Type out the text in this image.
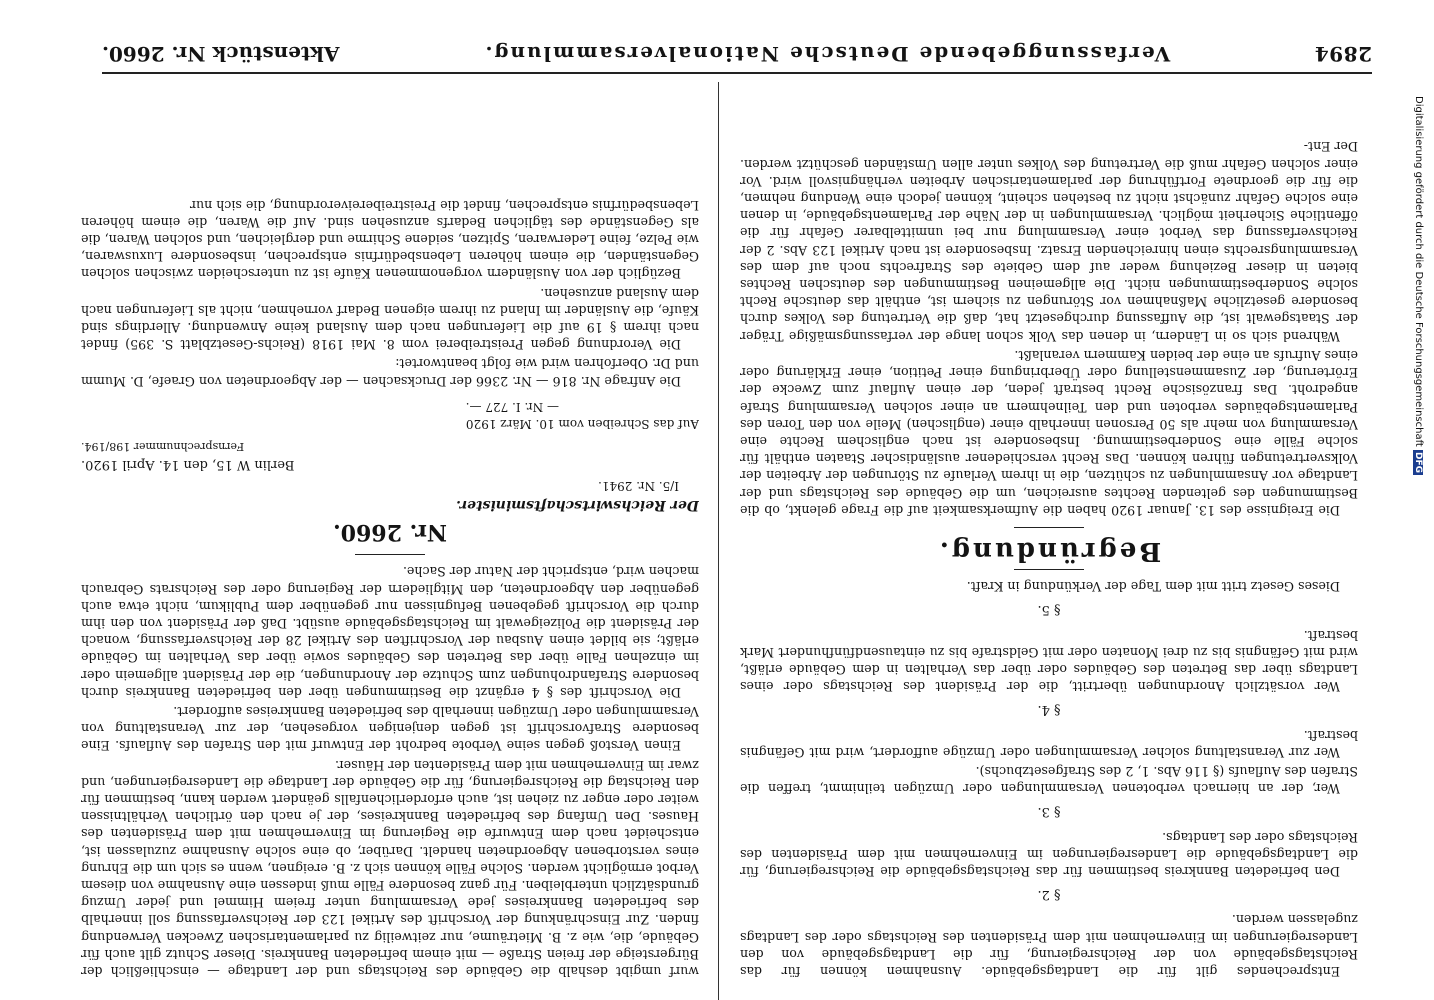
2894
Verfassunggebende Deutsche Nationalversammlung.
Aktenstück Nr. 2660.

Entsprechendes gilt für die Landtagsgebäude. Ausnahmen können für das Reichstagsgebäude von der Reichsregierung, für die Landtagsgebäude von den Landesregierungen im Einvernehmen mit dem Präsidenten des Reichstags oder des Landtags zugelassen werden.

§ 2.

Den befriedeten Bannkreis bestimmen für das Reichstagsgebäude die Reichsregierung, für die Landtagsgebäude die Landesregierungen im Einvernehmen mit dem Präsidenten des Reichstags oder des Landtags.

§ 3.

Wer, der an hiernach verbotenen Versammlungen oder Umzügen teilnimmt, treffen die Strafen des Auflaufs (§ 116 Abs. 1, 2 des Strafgesetzbuchs).

Wer zur Veranstaltung solcher Versammlungen oder Umzüge auffordert, wird mit Gefängnis bestraft.

§ 4.

Wer vorsätzlich Anordnungen übertritt, die der Präsident des Reichstags oder eines Landtags über das Betreten des Gebäudes oder über das Verhalten in dem Gebäude erläßt, wird mit Gefängnis bis zu drei Monaten oder mit Geldstrafe bis zu eintausendfünfhundert Mark bestraft.

§ 5.

Dieses Gesetz tritt mit dem Tage der Verkündung in Kraft.

Begründung.

Die Ereignisse des 13. Januar 1920 haben die Aufmerksamkeit auf die Frage gelenkt, ob die Bestimmungen des geltenden Rechtes ausreichen, um die Gebäude des Reichstags und der Landtage vor Ansammlungen zu schützen, die in ihrem Verlaufe zu Störungen der Arbeiten der Volksvertretungen führen können. Das Recht verschiedener ausländischer Staaten enthält für solche Fälle eine Sonderbestimmung. Insbesondere ist nach englischem Rechte eine Versammlung von mehr als 50 Personen innerhalb einer (englischen) Meile von den Toren des Parlamentsgebäudes verboten und den Teilnehmern an einer solchen Versammlung Strafe angedroht. Das französische Recht bestraft jeden, der einen Auflauf zum Zwecke der Erörterung, der Zusammenstellung oder Überbringung einer Petition, einer Erklärung oder eines Aufrufs an eine der beiden Kammern veranlaßt.

Während sich so in Ländern, in denen das Volk schon lange der verfassungsmäßige Träger der Staatsgewalt ist, die Auffassung durchgesetzt hat, daß die Vertretung des Volkes durch besondere gesetzliche Maßnahmen vor Störungen zu sichern ist, enthält das deutsche Recht solche Sonderbestimmungen nicht. Die allgemeinen Bestimmungen des deutschen Rechtes bieten in dieser Beziehung weder auf dem Gebiete des Strafrechts noch auf dem des Versammlungsrechts einen hinreichenden Ersatz. Insbesondere ist nach Artikel 123 Abs. 2 der Reichsverfassung das Verbot einer Versammlung nur bei unmittelbarer Gefahr für die öffentliche Sicherheit möglich. Versammlungen in der Nähe der Parlamentsgebäude, in denen eine solche Gefahr zunächst nicht zu bestehen scheint, können jedoch eine Wendung nehmen, die für die geordnete Fortführung der parlamentarischen Arbeiten verhängnisvoll wird. Vor einer solchen Gefahr muß die Vertretung des Volkes unter allen Umständen geschützt werden. Der Ent-

wurf umgibt deshalb die Gebäude des Reichstags und der Landtage — einschließlich der Bürgersteige der freien Straße — mit einem befriedeten Bannkreis. Dieser Schutz gilt auch für Gebäude, die, wie z. B. Mieträume, nur zeitweilig zu parlamentarischen Zwecken Verwendung finden. Zur Einschränkung der Vorschrift des Artikel 123 der Reichsverfassung soll innerhalb des befriedeten Bannkreises jede Versammlung unter freiem Himmel und jeder Umzug grundsätzlich unterbleiben. Für ganz besondere Fälle muß indessen eine Ausnahme von diesem Verbot ermöglicht werden. Solche Fälle können sich z. B. ereignen, wenn es sich um die Ehrung eines verstorbenen Abgeordneten handelt. Darüber, ob eine solche Ausnahme zuzulassen ist, entscheidet nach dem Entwurfe die Regierung im Einvernehmen mit dem Präsidenten des Hauses. Den Umfang des befriedeten Bannkreises, der je nach den örtlichen Verhältnissen weiter oder enger zu ziehen ist, auch erforderlichenfalls geändert werden kann, bestimmen für den Reichstag die Reichsregierung, für die Gebäude der Landtage die Landesregierungen, und zwar im Einvernehmen mit dem Präsidenten der Häuser.

Einen Verstoß gegen seine Verbote bedroht der Entwurf mit den Strafen des Auflaufs. Eine besondere Strafvorschrift ist gegen denjenigen vorgesehen, der zur Veranstaltung von Versammlungen oder Umzügen innerhalb des befriedeten Bannkreises auffordert.

Die Vorschrift des § 4 ergänzt die Bestimmungen über den befriedeten Bannkreis durch besondere Strafandrohungen zum Schutze der Anordnungen, die der Präsident allgemein oder im einzelnen Falle über das Betreten des Gebäudes sowie über das Verhalten im Gebäude erläßt; sie bildet einen Ausbau der Vorschriften des Artikel 28 der Reichsverfassung, wonach der Präsident die Polizeigewalt im Reichstagsgebäude ausübt. Daß der Präsident von den ihm durch die Vorschrift gegebenen Befugnissen nur gegenüber dem Publikum, nicht etwa auch gegenüber den Abgeordneten, den Mitgliedern der Regierung oder des Reichsrats Gebrauch machen wird, entspricht der Natur der Sache.

Nr. 2660.
Der Reichswirtschaftsminister.
I/5. Nr. 2941.
Berlin W 15, den 14. April 1920.
Fernsprechnummer 198/194.
Auf das Schreiben vom 10. März 1920
— Nr. I. 727 —.

Die Anfrage Nr. 816 — Nr. 2366 der Drucksachen — der Abgeordneten von Graefe, D. Mumm und Dr. Oberfohren wird wie folgt beantwortet:

Die Verordnung gegen Preistreiberei vom 8. Mai 1918 (Reichs-Gesetzblatt S. 395) findet nach ihrem § 19 auf die Lieferungen nach dem Ausland keine Anwendung. Allerdings sind Käufe, die Ausländer im Inland zu ihrem eigenen Bedarf vornehmen, nicht als Lieferungen nach dem Ausland anzusehen.

Bezüglich der von Ausländern vorgenommenen Käufe ist zu unterscheiden zwischen solchen Gegenständen, die einem höheren Lebensbedürfnis entsprechen, insbesondere Luxuswaren, wie Pelze, feine Lederwaren, Spitzen, seidene Schirme und dergleichen, und solchen Waren, die als Gegenstände des täglichen Bedarfs anzusehen sind. Auf die Waren, die einem höheren Lebensbedürfnis entsprechen, findet die Preistreibereiverordnung, die sich nur	Digitalisierung gefördert durch die Deutsche Forschungsgemeinschaft DFG
